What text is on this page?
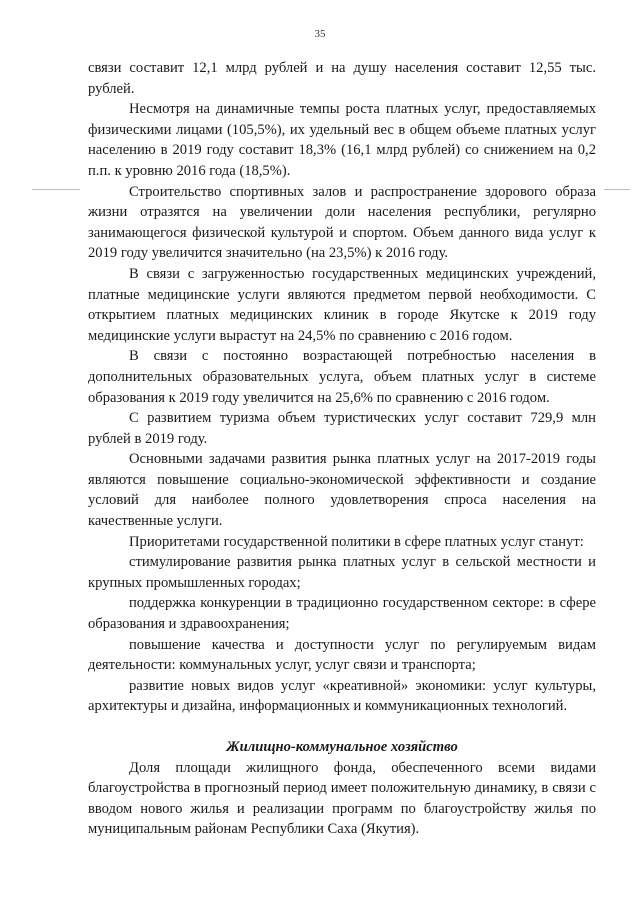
35

связи составит 12,1 млрд рублей и на душу населения составит 12,55 тыс. рублей.

Несмотря на динамичные темпы роста платных услуг, предоставляемых физическими лицами (105,5%), их удельный вес в общем объеме платных услуг населению в 2019 году составит 18,3% (16,1 млрд рублей) со снижением на 0,2 п.п. к уровню 2016 года (18,5%).

Строительство спортивных залов и распространение здорового образа жизни отразятся на увеличении доли населения республики, регулярно занимающегося физической культурой и спортом. Объем данного вида услуг к 2019 году увеличится значительно (на 23,5%) к 2016 году.

В связи с загруженностью государственных медицинских учреждений, платные медицинские услуги являются предметом первой необходимости. С открытием платных медицинских клиник в городе Якутске к 2019 году медицинские услуги вырастут на 24,5% по сравнению с 2016 годом.

В связи с постоянно возрастающей потребностью населения в дополнительных образовательных услуга, объем платных услуг в системе образования к 2019 году увеличится на 25,6% по сравнению с 2016 годом.

С развитием туризма объем туристических услуг составит 729,9 млн рублей в 2019 году.

Основными задачами развития рынка платных услуг на 2017-2019 годы являются повышение социально-экономической эффективности и создание условий для наиболее полного удовлетворения спроса населения на качественные услуги.

Приоритетами государственной политики в сфере платных услуг станут:

стимулирование развития рынка платных услуг в сельской местности и крупных промышленных городах;

поддержка конкуренции в традиционно государственном секторе: в сфере образования и здравоохранения;

повышение качества и доступности услуг по регулируемым видам деятельности: коммунальных услуг, услуг связи и транспорта;

развитие новых видов услуг «креативной» экономики: услуг культуры, архитектуры и дизайна, информационных и коммуникационных технологий.

Жилищно-коммунальное хозяйство

Доля площади жилищного фонда, обеспеченного всеми видами благоустройства в прогнозный период имеет положительную динамику, в связи с вводом нового жилья и реализации программ по благоустройству жилья по муниципальным районам Республики Саха (Якутия).
